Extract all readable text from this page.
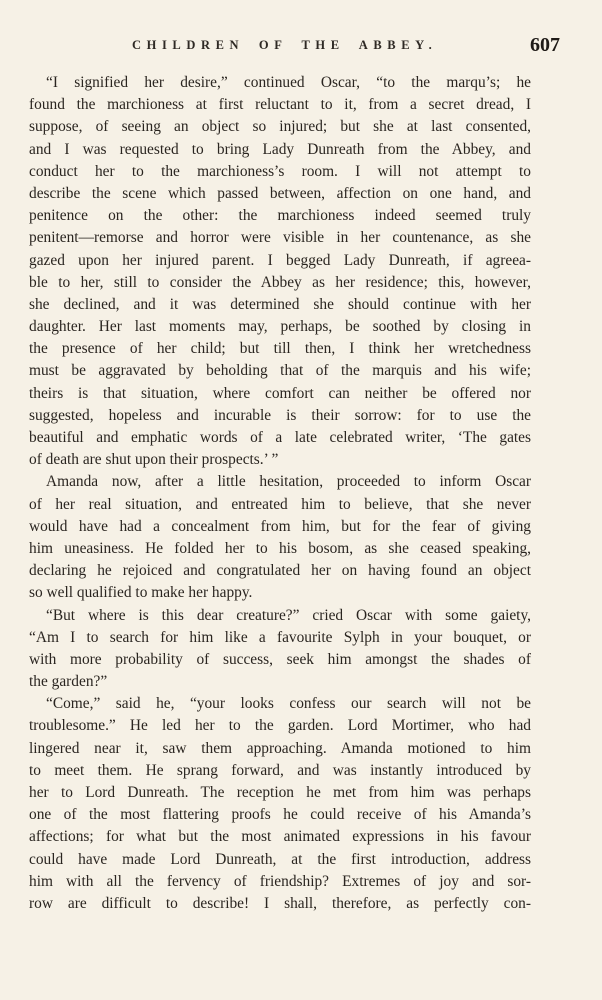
CHILDREN OF THE ABBEY.	607
“I signified her desire,” continued Oscar, “to the marqu’s; he
found the marchioness at first reluctant to it, from a secret dread, I
suppose, of seeing an object so injured; but she at last consented,
and I was requested to bring Lady Dunreath from the Abbey, and
conduct her to the marchioness’s room. I will not attempt to
describe the scene which passed between, affection on one hand, and
penitence on the other: the marchioness indeed seemed truly
penitent—remorse and horror were visible in her countenance, as she
gazed upon her injured parent. I begged Lady Dunreath, if agreea-
ble to her, still to consider the Abbey as her residence; this, however,
she declined, and it was determined she should continue with her
daughter. Her last moments may, perhaps, be soothed by closing in
the presence of her child; but till then, I think her wretchedness
must be aggravated by beholding that of the marquis and his wife;
theirs is that situation, where comfort can neither be offered nor
suggested, hopeless and incurable is their sorrow: for to use the
beautiful and emphatic words of a late celebrated writer, ‘The gates
of death are shut upon their prospects.’ ”
Amanda now, after a little hesitation, proceeded to inform Oscar
of her real situation, and entreated him to believe, that she never
would have had a concealment from him, but for the fear of giving
him uneasiness. He folded her to his bosom, as she ceased speaking,
declaring he rejoiced and congratulated her on having found an object
so well qualified to make her happy.
“But where is this dear creature?” cried Oscar with some gaiety,
“Am I to search for him like a favourite Sylph in your bouquet, or
with more probability of success, seek him amongst the shades of
the garden?”
“Come,” said he, “your looks confess our search will not be
troublesome.” He led her to the garden. Lord Mortimer, who had
lingered near it, saw them approaching. Amanda motioned to him
to meet them. He sprang forward, and was instantly introduced by
her to Lord Dunreath. The reception he met from him was perhaps
one of the most flattering proofs he could receive of his Amanda’s
affections; for what but the most animated expressions in his favour
could have made Lord Dunreath, at the first introduction, address
him with all the fervency of friendship? Extremes of joy and sor-
row are difficult to describe! I shall, therefore, as perfectly con-
